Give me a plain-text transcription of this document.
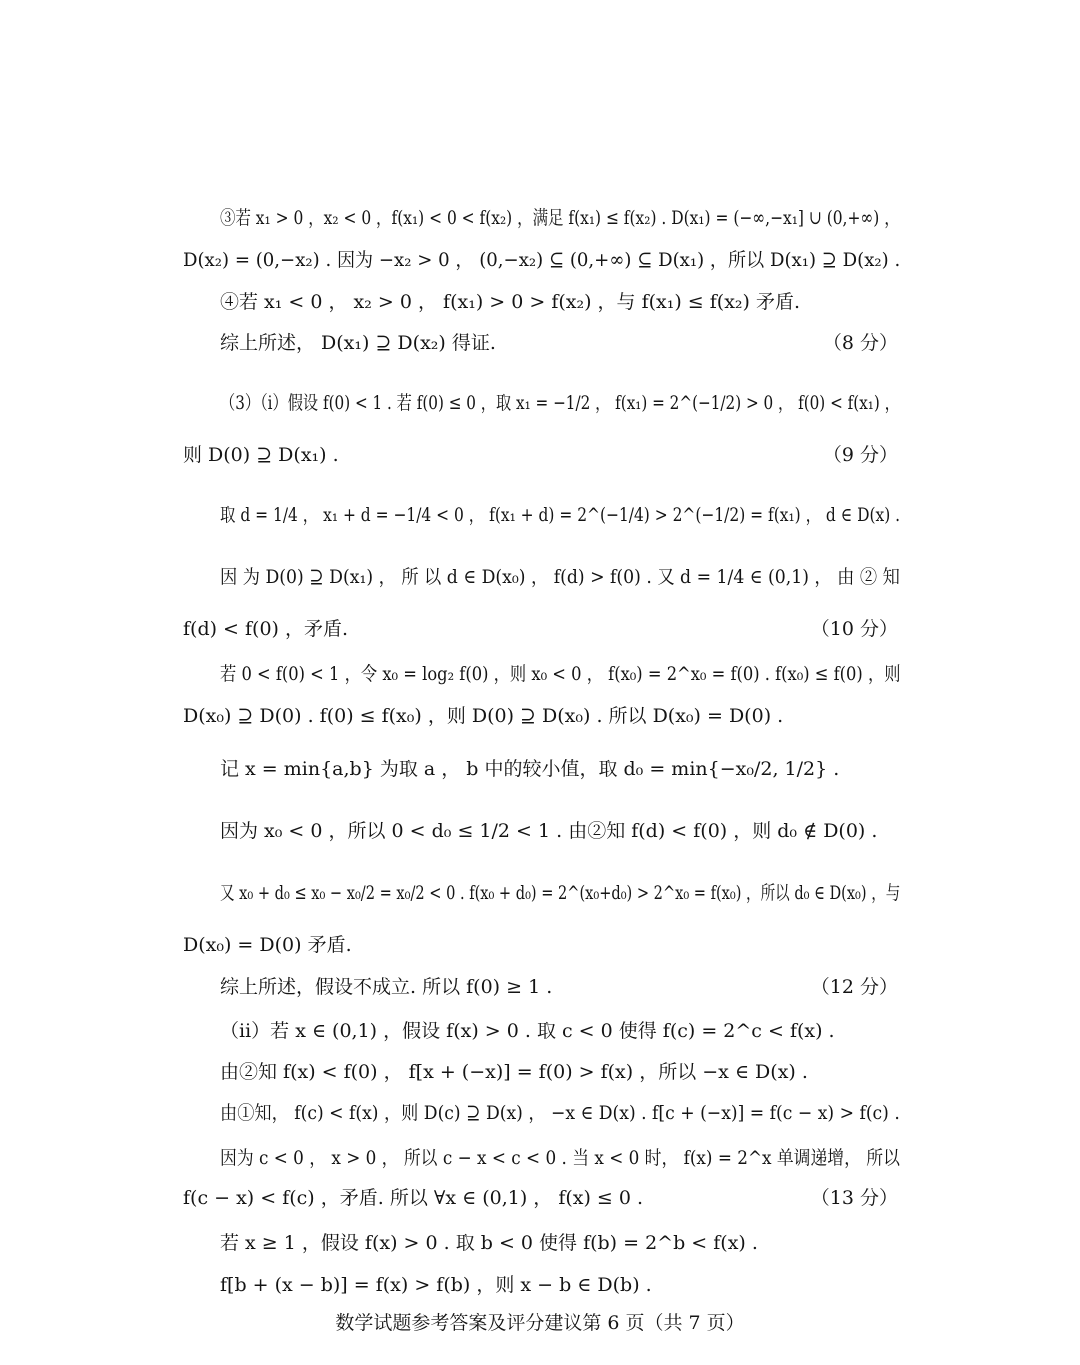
③若 x₁ > 0 ，x₂ < 0 ，f(x₁) < 0 < f(x₂) ，满足 f(x₁) ≤ f(x₂) . D(x₁) = (−∞,−x₁] ∪ (0,+∞) ，
D(x₂) = (0,−x₂) . 因为 −x₂ > 0 ， (0,−x₂) ⊆ (0,+∞) ⊆ D(x₁) ，所以 D(x₁) ⊇ D(x₂) .
④若 x₁ < 0 ， x₂ > 0 ， f(x₁) > 0 > f(x₂) ，与 f(x₁) ≤ f(x₂) 矛盾.
综上所述， D(x₁) ⊇ D(x₂) 得证.	（8 分）
（3）（ⅰ）假设 f(0) < 1 . 若 f(0) ≤ 0 ，取 x₁ = −1/2 ， f(x₁) = 2^(−1/2) > 0 ， f(0) < f(x₁) ，
则 D(0) ⊇ D(x₁) .	（9 分）
取 d = 1/4 ， x₁ + d = −1/4 < 0 ， f(x₁ + d) = 2^(−1/4) > 2^(−1/2) = f(x₁) ， d ∈ D(x) .
因 为 D(0) ⊇ D(x₁) ， 所 以 d ∈ D(x₀) ， f(d) > f(0) . 又 d = 1/4 ∈ (0,1) ， 由 ② 知
f(d) < f(0) ，矛盾.	（10 分）
若 0 < f(0) < 1 ，令 x₀ = log₂ f(0) ，则 x₀ < 0 ， f(x₀) = 2^x₀ = f(0) . f(x₀) ≤ f(0) ，则
D(x₀) ⊇ D(0) . f(0) ≤ f(x₀) ，则 D(0) ⊇ D(x₀) . 所以 D(x₀) = D(0) .
记 x = min{a,b} 为取 a ， b 中的较小值，取 d₀ = min{−x₀/2, 1/2} .
因为 x₀ < 0 ，所以 0 < d₀ ≤ 1/2 < 1 . 由②知 f(d) < f(0) ，则 d₀ ∉ D(0) .
又 x₀ + d₀ ≤ x₀ − x₀/2 = x₀/2 < 0 . f(x₀ + d₀) = 2^(x₀+d₀) > 2^x₀ = f(x₀) ，所以 d₀ ∈ D(x₀) ，与
D(x₀) = D(0) 矛盾.
综上所述，假设不成立. 所以 f(0) ≥ 1 .	（12 分）
（ⅱ）若 x ∈ (0,1) ，假设 f(x) > 0 . 取 c < 0 使得 f(c) = 2^c < f(x) .
由②知 f(x) < f(0) ， f[x + (−x)] = f(0) > f(x) ，所以 −x ∈ D(x) .
由①知， f(c) < f(x) ，则 D(c) ⊇ D(x) ， −x ∈ D(x) . f[c + (−x)] = f(c − x) > f(c) .
因为 c < 0 ， x > 0 ， 所以 c − x < c < 0 . 当 x < 0 时， f(x) = 2^x 单调递增， 所以
f(c − x) < f(c) ，矛盾. 所以 ∀x ∈ (0,1) ， f(x) ≤ 0 .	（13 分）
若 x ≥ 1 ，假设 f(x) > 0 . 取 b < 0 使得 f(b) = 2^b < f(x) .
f[b + (x − b)] = f(x) > f(b) ，则 x − b ∈ D(b) .
数学试题参考答案及评分建议第 6 页（共 7 页）
